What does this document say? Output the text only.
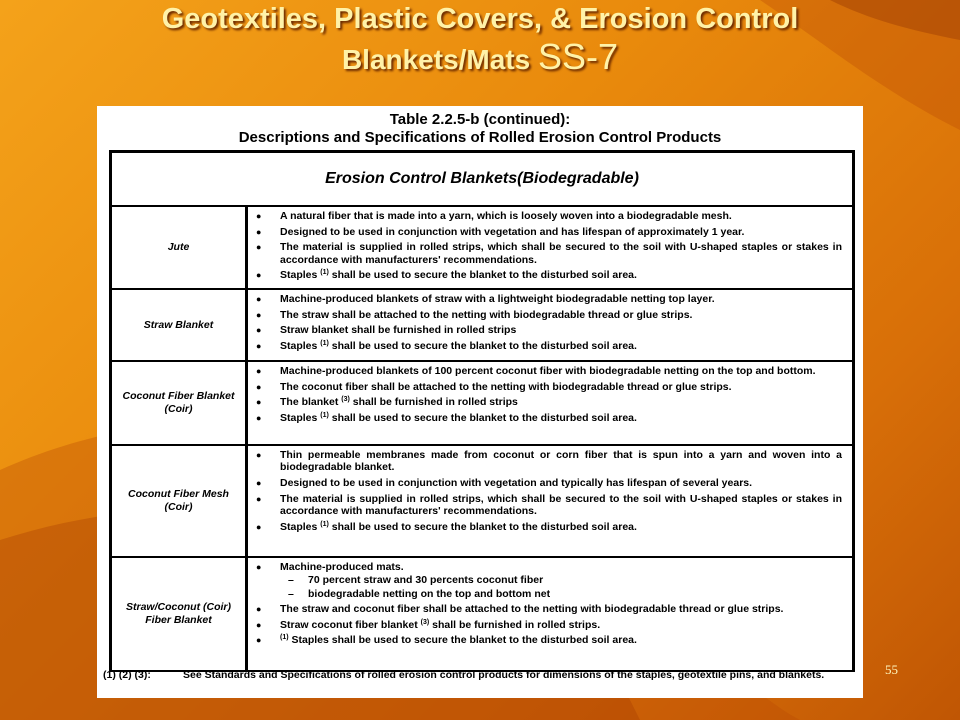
Geotextiles, Plastic Covers, & Erosion Control
Blankets/Mats SS-7
Table 2.2.5-b (continued):
Descriptions and Specifications of Rolled Erosion Control Products
Erosion Control Blankets(Biodegradable)
Jute
●	A natural fiber that is made into a yarn, which is loosely woven into a biodegradable mesh.
●	Designed to be used in conjunction with vegetation and has lifespan of approximately 1 year.
●	The material is supplied in rolled strips, which shall be secured to the soil with U-shaped staples or stakes in accordance with manufacturers' recommendations.
●	Staples $^{(1)}$ shall be used to secure the blanket to the disturbed soil area.
Straw Blanket
●	Machine-produced blankets of straw with a lightweight biodegradable netting top layer.
●	The straw shall be attached to the netting with biodegradable thread or glue strips.
●	Straw blanket shall be furnished in rolled strips
●	Staples $^{(1)}$ shall be used to secure the blanket to the disturbed soil area.
Coconut Fiber Blanket (Coir)
●	Machine-produced blankets of 100 percent coconut fiber with biodegradable netting on the top and bottom.
●	The coconut fiber shall be attached to the netting with biodegradable thread or glue strips.
●	The blanket $^{(3)}$ shall be furnished in rolled strips
●	Staples $^{(1)}$ shall be used to secure the blanket to the disturbed soil area.
Coconut Fiber Mesh (Coir)
●	Thin permeable membranes made from coconut or corn fiber that is spun into a yarn and woven into a biodegradable blanket.
●	Designed to be used in conjunction with vegetation and typically has lifespan of several years.
●	The material is supplied in rolled strips, which shall be secured to the soil with U-shaped staples or stakes in accordance with manufacturers' recommendations.
●	Staples $^{(1)}$ shall be used to secure the blanket to the disturbed soil area.
Straw/Coconut (Coir) Fiber Blanket
●	Machine-produced mats.
–	70 percent straw and 30 percents coconut fiber
–	biodegradable netting on the top and bottom net
●	The straw and coconut fiber shall be attached to the netting with biodegradable thread or glue strips.
●	Straw coconut fiber blanket $^{(3)}$ shall be furnished in rolled strips.
●	$^{(1)}$ Staples shall be used to secure the blanket to the disturbed soil area.
(1) (2) (3):	See Standards and Specifications of rolled erosion control products for dimensions of the staples, geotextile pins, and blankets.	55
